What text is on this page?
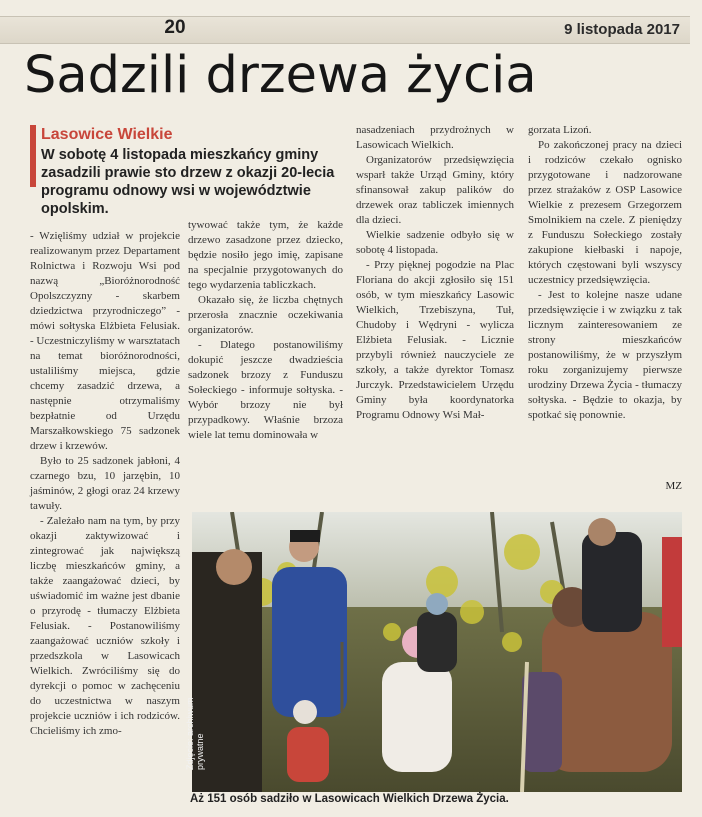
20	9 listopada 2017
Sadzili drzewa życia
Lasowice Wielkie
W sobotę 4 listopada mieszkańcy gminy zasadzili prawie sto drzew z okazji 20-lecia programu odnowy wsi w województwie opolskim.

- Wzięliśmy udział w projekcie realizowanym przez Departament Rolnictwa i Rozwoju Wsi pod nazwą „Bioróżnorodność Opolszczyzny - skarbem dziedzictwa przyrodniczego” - mówi sołtyska Elżbieta Felusiak. - Uczestniczyliśmy w warsztatach na temat bioróżnorodności, ustaliliśmy miejsca, gdzie chcemy zasadzić drzewa, a następnie otrzymaliśmy bezpłatnie od Urzędu Marszałkowskiego 75 sadzonek drzew i krzewów.

Było to 25 sadzonek jabłoni, 4 czarnego bzu, 10 jarzębin, 10 jaśminów, 2 głogi oraz 24 krzewy tawuły.

- Zależało nam na tym, by przy okazji zaktywizować i zintegrować jak największą liczbę mieszkańców gminy, a także zaangażować dzieci, by uświadomić im ważne jest dbanie o przyrodę - tłumaczy Elżbieta Felusiak. - Postanowiliśmy zaangażować uczniów szkoły i przedszkola w Lasowicach Wielkich. Zwróciliśmy się do dyrekcji o pomoc w zachęceniu do uczestnictwa w naszym projekcie uczniów i ich rodziców. Chcieliśmy ich zmo-

tywować także tym, że każde drzewo zasadzone przez dziecko, będzie nosiło jego imię, zapisane na specjalnie przygotowanych do tego wydarzenia tabliczkach.

Okazało się, że liczba chętnych przerosła znacznie oczekiwania organizatorów.

- Dlatego postanowiliśmy dokupić jeszcze dwadzieścia sadzonek brzozy z Funduszu Sołeckiego - informuje sołtyska. - Wybór brzozy nie był przypadkowy. Właśnie brzoza wiele lat temu dominowała w

nasadzeniach przydrożnych w Lasowicach Wielkich.

Organizatorów przedsięwzięcia wsparł także Urząd Gminy, który sfinansował zakup palików do drzewek oraz tabliczek imiennych dla dzieci.

Wielkie sadzenie odbyło się w sobotę 4 listopada.

- Przy pięknej pogodzie na Plac Floriana do akcji zgłosiło się 151 osób, w tym mieszkańcy Lasowic Wielkich, Trzebiszyna, Tuł, Chudoby i Wędryni - wylicza Elżbieta Felusiak. - Licznie przybyli również nauczyciele ze szkoły, a także dyrektor Tomasz Jurczyk. Przedstawicielem Urzędu Gminy była koordynatorka Programu Odnowy Wsi Mał-

gorzata Lizoń.

Po zakończonej pracy na dzieci i rodziców czekało ognisko przygotowane i nadzorowane przez strażaków z OSP Lasowice Wielkie z prezesem Grzegorzem Smolnikiem na czele. Z pieniędzy z Funduszu Sołeckiego zostały zakupione kiełbaski i napoje, których częstowani byli wszyscy uczestnicy przedsięwzięcia.

- Jest to kolejne nasze udane przedsięwzięcie i w związku z tak licznym zainteresowaniem ze strony mieszkańców postanowiliśmy, że w przyszłym roku zorganizujemy pierwsze urodziny Drzewa Życia - tłumaczy sołtyska. - Będzie to okazja, by spotkać się ponownie.

MZ
Zdjęcie: archiwum prywatne
Aż 151 osób sadziło w Lasowicach Wielkich Drzewa Życia.
